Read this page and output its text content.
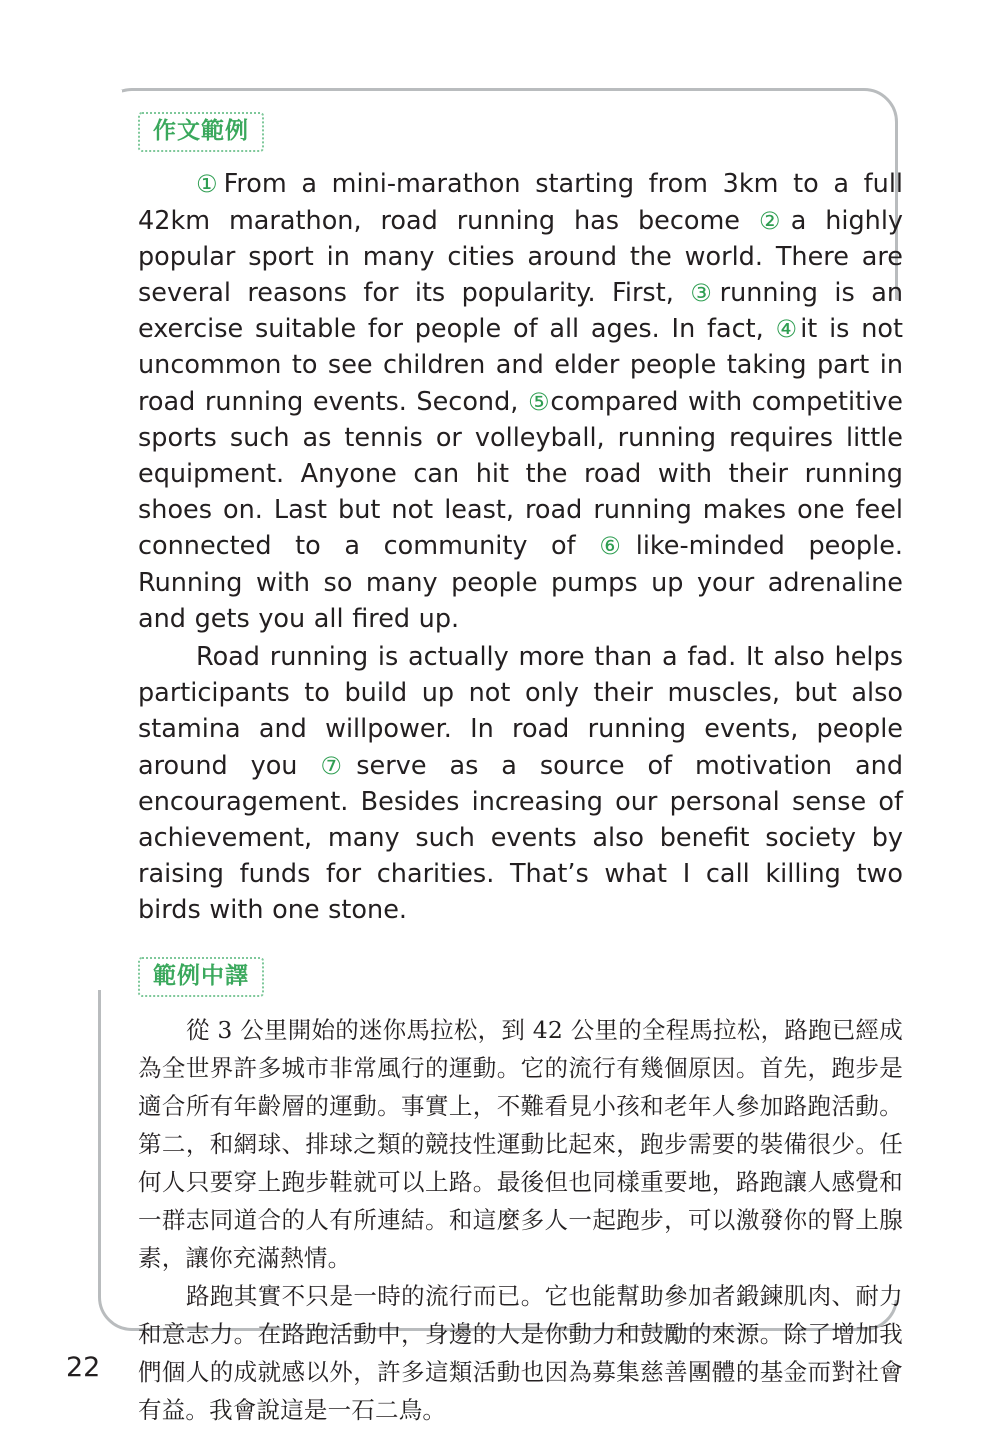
作文範例

①From a mini-marathon starting from 3km to a full 42km marathon, road running has become ②a highly popular sport in many cities around the world. There are several reasons for its popularity. First, ③running is an exercise suitable for people of all ages. In fact, ④it is not uncommon to see children and elder people taking part in road running events. Second, ⑤compared with competitive sports such as tennis or volleyball, running requires little equipment. Anyone can hit the road with their running shoes on. Last but not least, road running makes one feel connected to a community of ⑥like-minded people. Running with so many people pumps up your adrenaline and gets you all fired up.

Road running is actually more than a fad. It also helps participants to build up not only their muscles, but also stamina and willpower. In road running events, people around you ⑦serve as a source of motivation and encouragement. Besides increasing our personal sense of achievement, many such events also benefit society by raising funds for charities. That’s what I call killing two birds with one stone.

範例中譯

從 3 公里開始的迷你馬拉松，到 42 公里的全程馬拉松，路跑已經成為全世界許多城市非常風行的運動。它的流行有幾個原因。首先，跑步是適合所有年齡層的運動。事實上，不難看見小孩和老年人參加路跑活動。第二，和網球、排球之類的競技性運動比起來，跑步需要的裝備很少。任何人只要穿上跑步鞋就可以上路。最後但也同樣重要地，路跑讓人感覺和一群志同道合的人有所連結。和這麼多人一起跑步，可以激發你的腎上腺素，讓你充滿熱情。

路跑其實不只是一時的流行而已。它也能幫助參加者鍛鍊肌肉、耐力和意志力。在路跑活動中，身邊的人是你動力和鼓勵的來源。除了增加我們個人的成就感以外，許多這類活動也因為募集慈善團體的基金而對社會有益。我會說這是一石二鳥。

22
